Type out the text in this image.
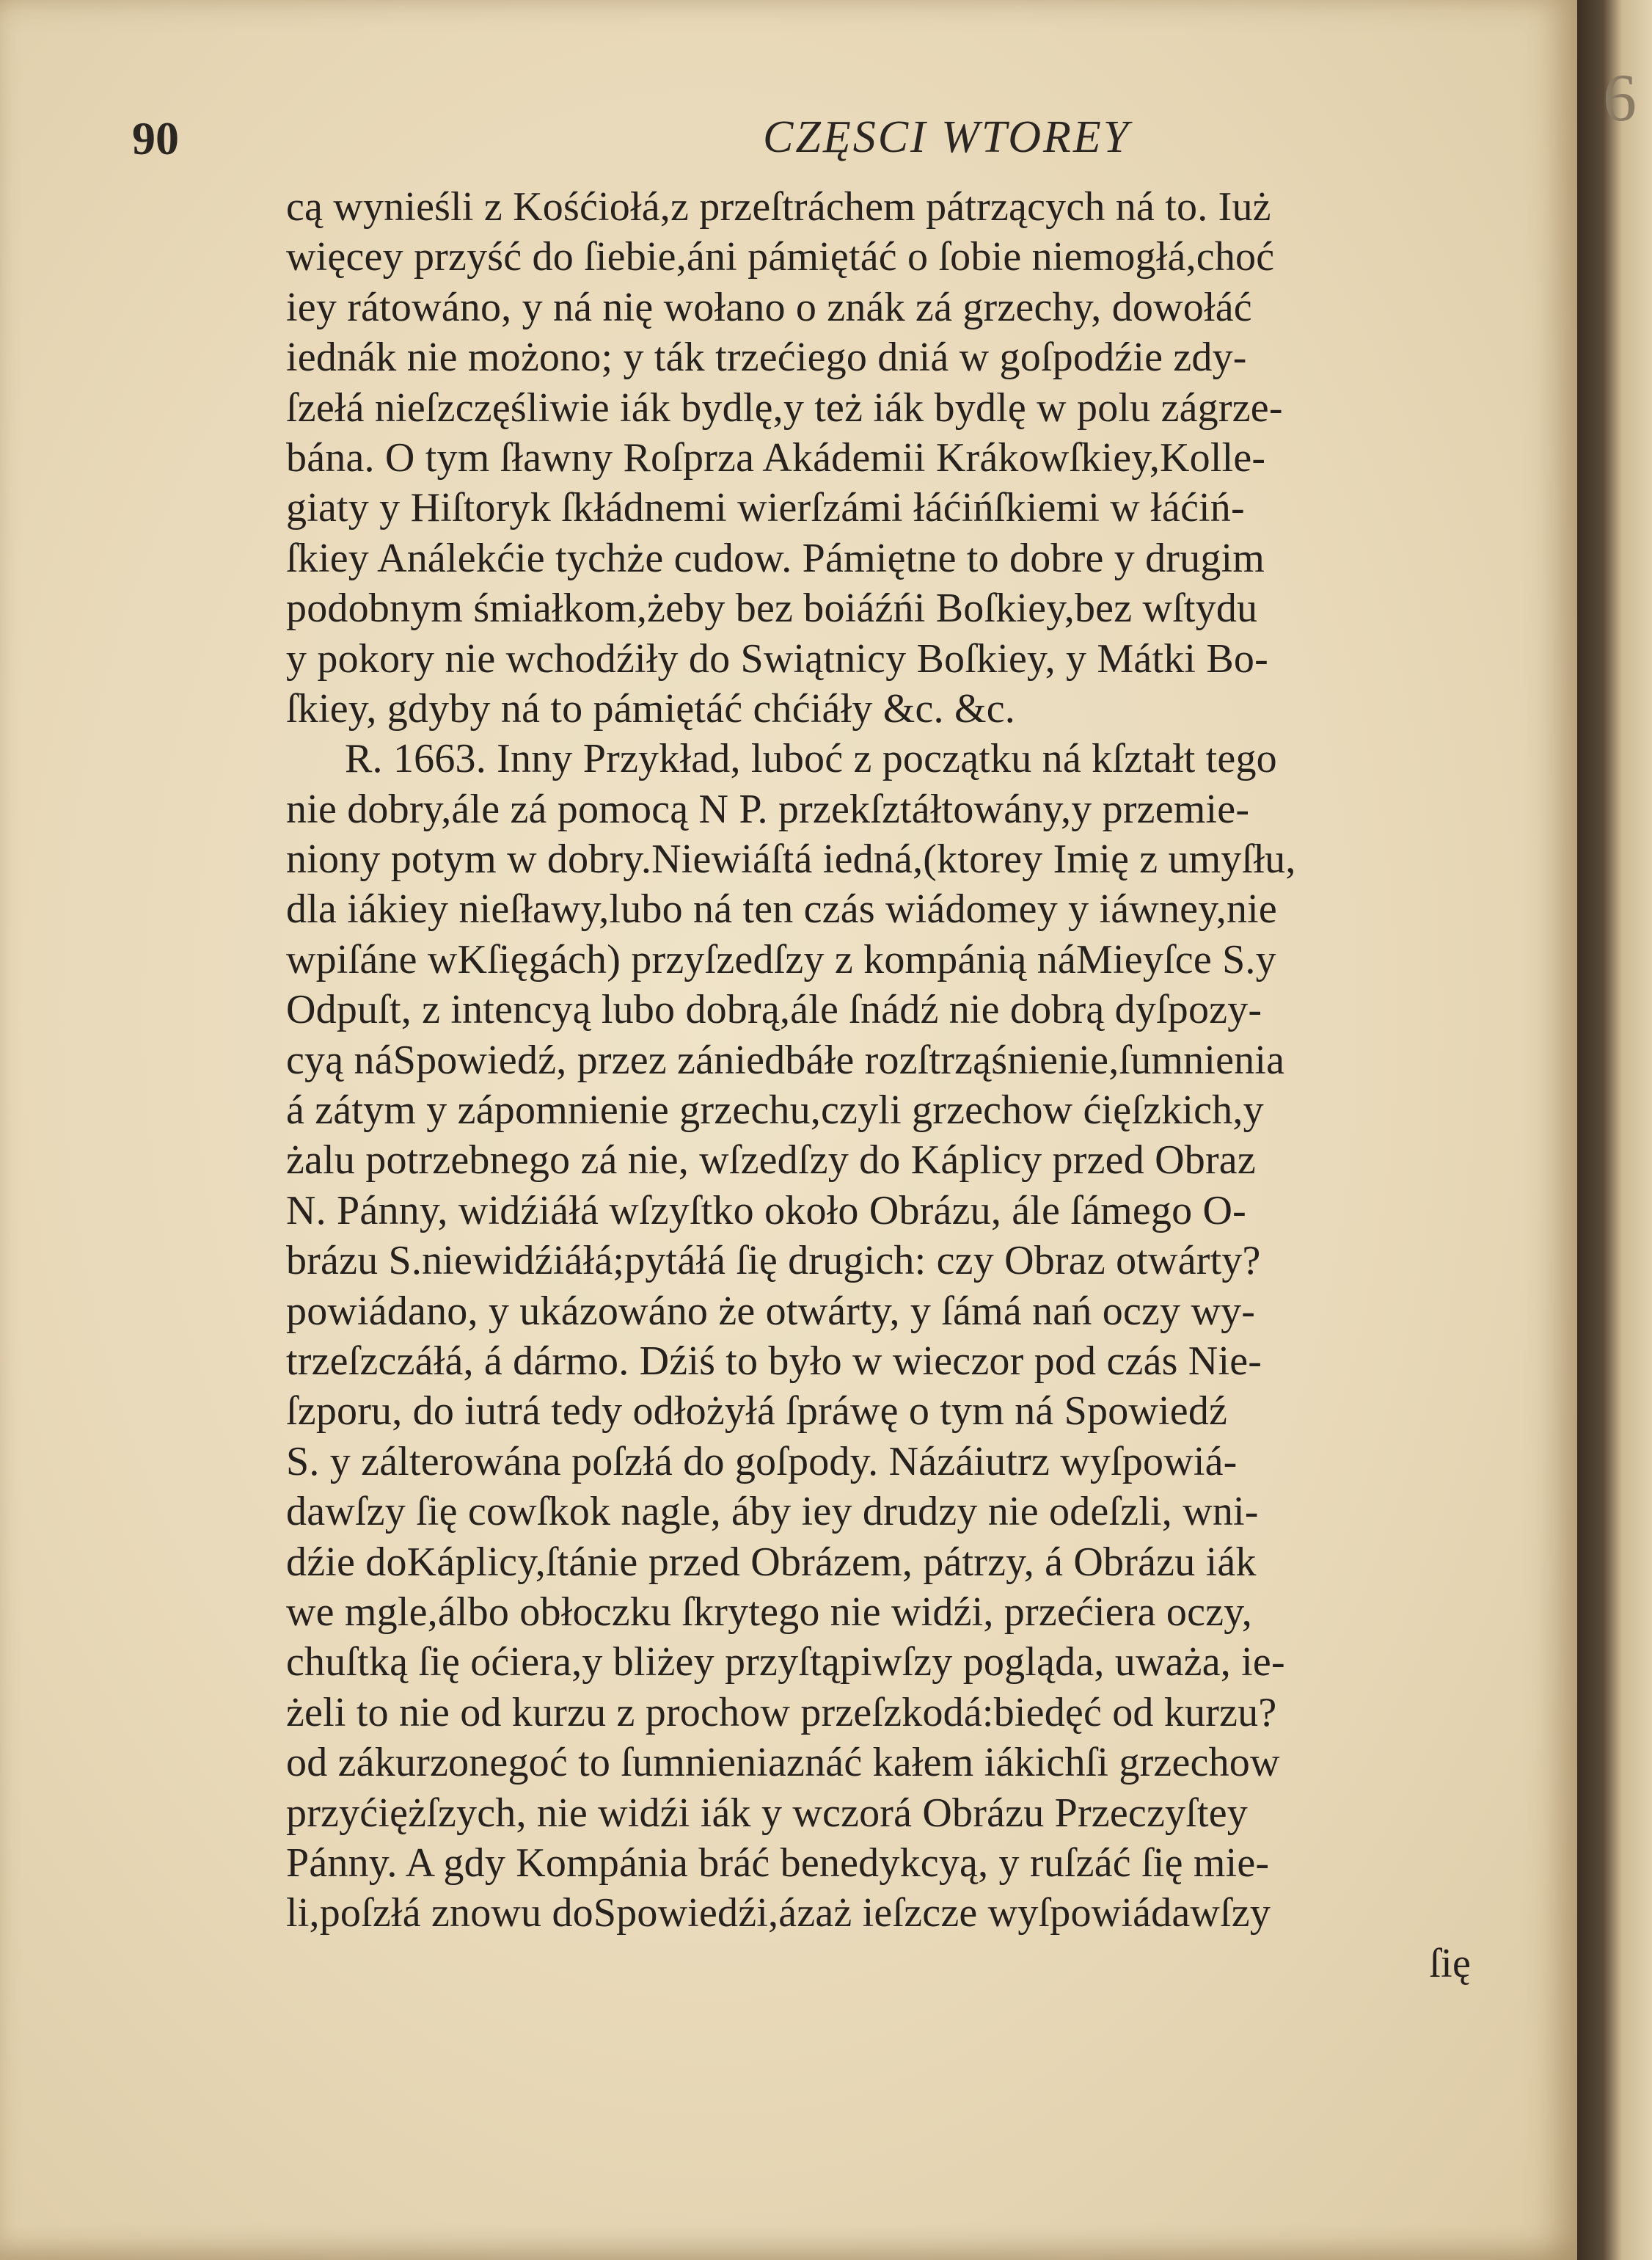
90	CZĘSCI WTOREY
cą wynieśli z Kośćiołá,z przeſtráchem pátrzących ná to. Iuż
więcey przyść do ſiebie,áni pámiętáć o ſobie niemogłá,choć
iey rátowáno, y ná nię wołano o znák zá grzechy, dowołáć
iednák nie możono; y ták trzećiego dniá w goſpodźie zdy-
ſzełá nieſzczęśliwie iák bydlę,y też iák bydlę w polu zágrze-
bána. O tym ſławny Roſprza Akádemii Krákowſkiey,Kolle-
giaty y Hiſtoryk ſkłádnemi wierſzámi łáćińſkiemi w łáćiń-
ſkiey Análekćie tychże cudow. Pámiętne to dobre y drugim
podobnym śmiałkom,żeby bez boiáźńi Boſkiey,bez wſtydu
y pokory nie wchodźiły do Swiątnicy Boſkiey, y Mátki Bo-
ſkiey, gdyby ná to pámiętáć chćiáły &c. &c.
R. 1663. Inny Przykład, luboć z początku ná kſztałt tego
nie dobry,ále zá pomocą N P. przekſztáłtowány,y przemie-
niony potym w dobry.Niewiáſtá iedná,(ktorey Imię z umyſłu,
dla iákiey nieſławy,lubo ná ten czás wiádomey y iáwney,nie
wpiſáne wKſięgách) przyſzedſzy z kompánią náMieyſce S.y
Odpuſt, z intencyą lubo dobrą,ále ſnádź nie dobrą dyſpozy-
cyą náSpowiedź, przez zániedbáłe rozſtrząśnienie,ſumnienia
á zátym y zápomnienie grzechu,czyli grzechow ćięſzkich,y
żalu potrzebnego zá nie, wſzedſzy do Káplicy przed Obraz
N. Pánny, widźiáłá wſzyſtko około Obrázu, ále ſámego O-
brázu S.niewidźiáłá;pytáłá ſię drugich: czy Obraz otwárty?
powiádano, y ukázowáno że otwárty, y ſámá nań oczy wy-
trzeſzczáłá, á dármo. Dźiś to było w wieczor pod czás Nie-
ſzporu, do iutrá tedy odłożyłá ſpráwę o tym ná Spowiedź
S. y zálterowána poſzłá do goſpody. Názáiutrz wyſpowiá-
dawſzy ſię cowſkok nagle, áby iey drudzy nie odeſzli, wni-
dźie doKáplicy,ſtánie przed Obrázem, pátrzy, á Obrázu iák
we mgle,álbo obłoczku ſkrytego nie widźi, przećiera oczy,
chuſtką ſię oćiera,y bliżey przyſtąpiwſzy pogląda, uważa, ie-
żeli to nie od kurzu z prochow przeſzkodá:biedęć od kurzu?
od zákurzonegoć to ſumnieniaznáć kałem iákichſi grzechow
przyćiężſzych, nie widźi iák y wczorá Obrázu Przeczyſtey
Pánny. A gdy Kompánia bráć benedykcyą, y ruſzáć ſię mie-
li,poſzłá znowu doSpowiedźi,ázaż ieſzcze wyſpowiádawſzy
ſię
6
